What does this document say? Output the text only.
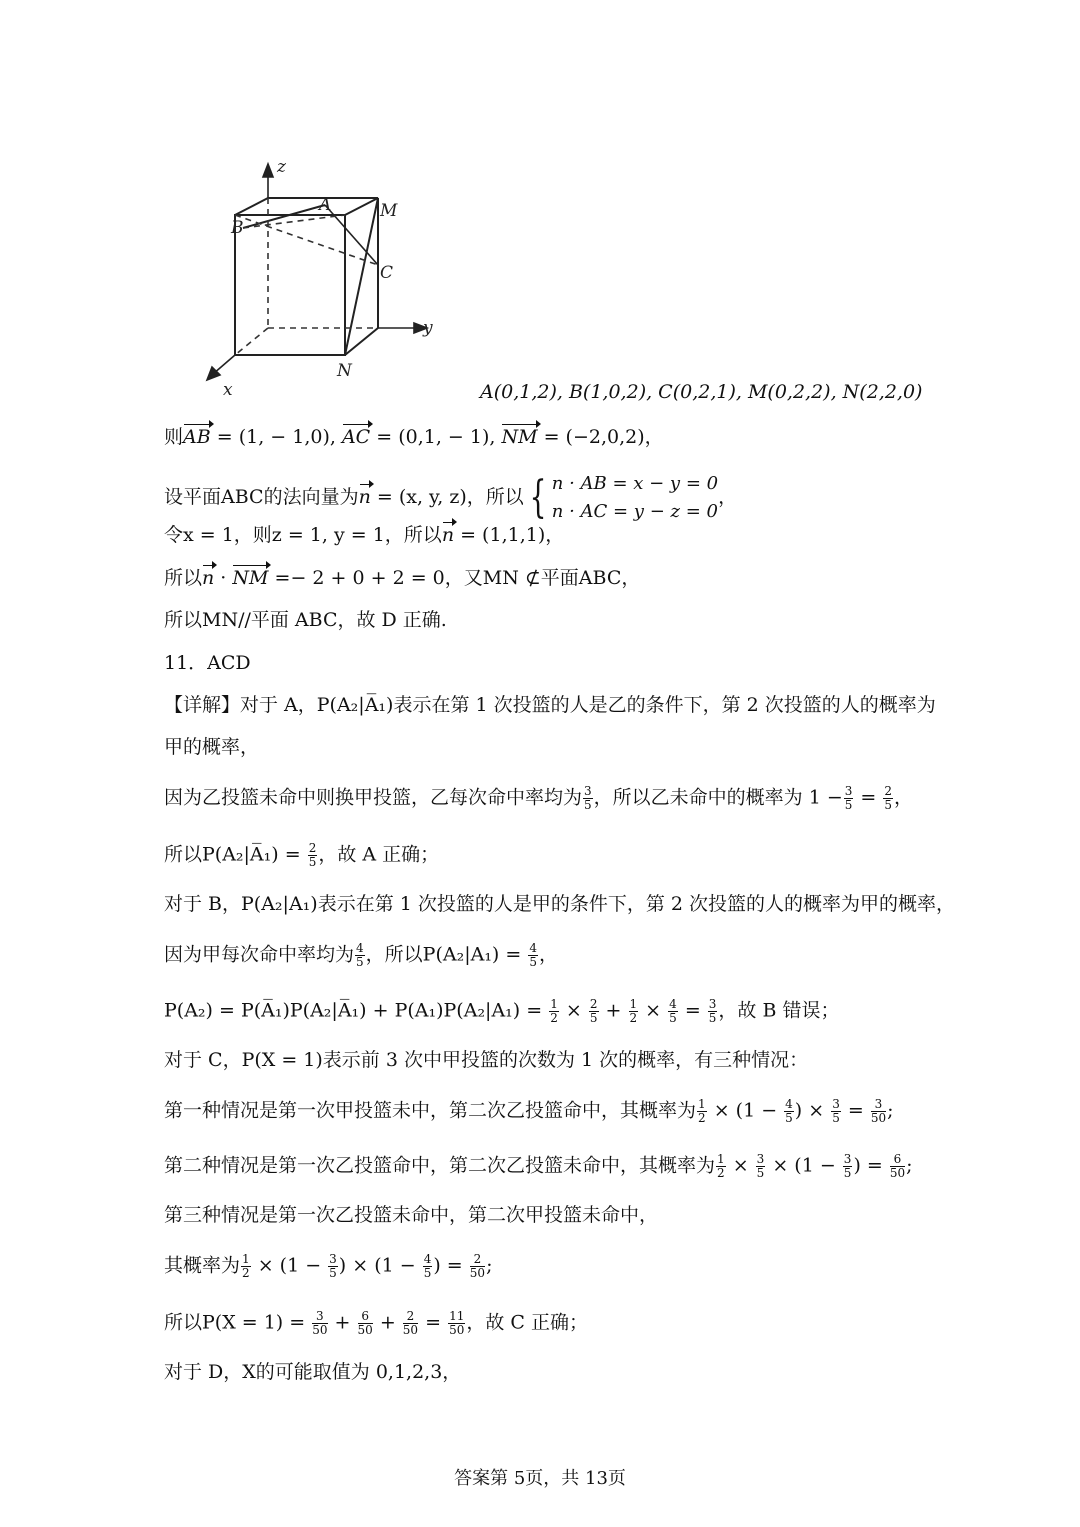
z
y
x
B
A	M
C
N
A(0,1,2), B(1,0,2), C(0,2,1), M(0,2,2), N(2,2,0)
则AB = (1, − 1,0), AC = (0,1, − 1), NM = (−2,0,2)，
设平面ABC的法向量为n = (x, y, z)，所以 { n · AB = x − y = 0
n · AC = y − z = 0
，
令x = 1，则z = 1, y = 1，所以n = (1,1,1)，
所以n · NM =− 2 + 0 + 2 = 0，又MN ⊄平面ABC，
所以MN//平面 ABC，故 D 正确.
11．ACD
【详解】对于 A，P(A₂|A̅₁)表示在第 1 次投篮的人是乙的条件下，第 2 次投篮的人的概率为
甲的概率，
因为乙投篮未命中则换甲投篮，乙每次命中率均为 $\frac{3}{5}$ ，所以乙未命中的概率为 $1 - \frac{3}{5} = \frac{2}{5}$ ，
所以P(A₂|A̅₁) = $\frac{2}{5}$ ，故 A 正确；
对于 B，P(A₂|A₁)表示在第 1 次投篮的人是甲的条件下，第 2 次投篮的人的概率为甲的概率，
因为甲每次命中率均为 $\frac{4}{5}$ ，所以$P(A_2|A_1) = \frac{4}{5}$ ，
P(A₂) = P(A̅₁)P(A₂|A̅₁) + $P(A_1)P(A_2|A_1) = \frac{1}{2} \times \frac{2}{5} + \frac{1}{2} \times \frac{4}{5} = \frac{3}{5}$ ，故 B 错误；
对于 C，P(X = 1)表示前 3 次中甲投篮的次数为 1 次的概率，有三种情况：
第一种情况是第一次甲投篮未中，第二次乙投篮命中，其概率为 $\frac{1}{2} \times (1 - \frac{4}{5}$ ) × $\frac{3}{5} = \frac{3}{50}$ ;
第二种情况是第一次乙投篮命中，第二次乙投篮未命中，其概率为 $\frac{1}{2} \times \frac{3}{5} \times (1 - \frac{3}{5}$ ) = $\frac{6}{50}$ ;
第三种情况是第一次乙投篮未命中，第二次甲投篮未命中，
其概率为 $\frac{1}{2} \times (1 - \frac{3}{5}$ ) × ($1 - \frac{4}{5}$ ) = $\frac{2}{50}$ ;
所以$P(X = 1) = \frac{3}{50} + \frac{6}{50} + \frac{2}{50} = \frac{11}{50}$ ，故 C 正确；
对于 D，X的可能取值为 0,1,2,3，
答案第 5页，共 13页
